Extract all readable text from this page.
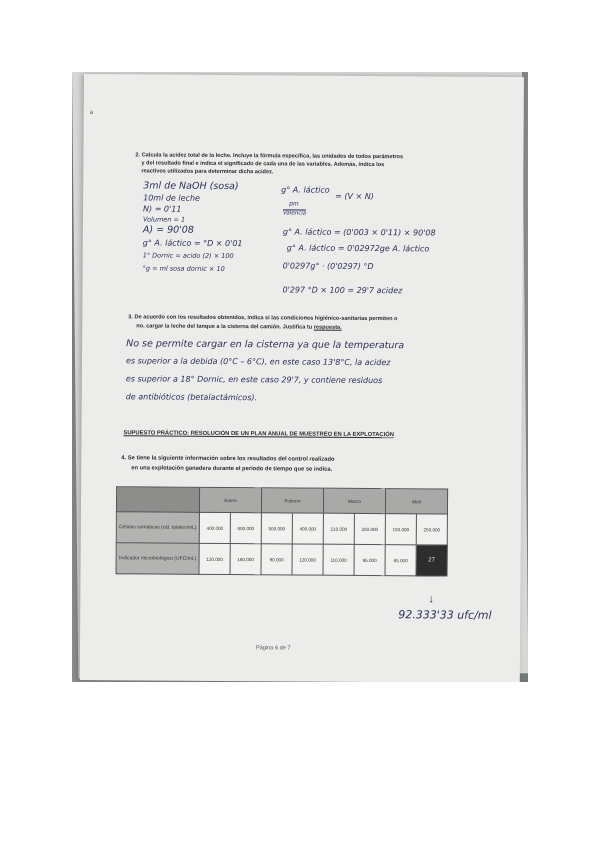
a
2. Calcula la acidez total de la leche. Incluye la fórmula específica, las unidades de todos parámetros
y del resultado final e indica el significado de cada una de las variables. Además, indica los
reactivos utilizados para determinar dicha acidez.
3ml de NaOH (sosa)
10ml de leche
N) = 0'11
Volumen = 1
A) = 90'08
g° A. láctico = °D × 0'01
1° Dornic = acido (2) × 100
°g = ml sosa dornic × 10
g° A. láctico
= (V × N)
pm
Valencia
g° A. láctico = (0'003 × 0'11) × 90'08
g° A. láctico = 0'02972ge A. láctico
0'0297g° · (0'0297) °D
0'297 °D × 100 = 29'7 acidez
3. De acuerdo con los resultados obtenidos, indica si las condiciones higiénico-sanitarias permiten o
no, cargar la leche del tanque a la cisterna del camión. Justifica tu respuesta.
No se permite cargar en la cisterna ya que la temperatura
es superior a la debida (0°C – 6°C), en este caso 13'8°C, la acidez
es superior a 18° Dornic, en este caso 29'7, y contiene residuos
de antibióticos (betalactámicos).
SUPUESTO PRÁCTICO: RESOLUCIÓN DE UN PLAN ANUAL DE MUESTREO EN LA EXPLOTACIÓN
4. Se tiene la siguiente información sobre los resultados del control realizado
en una explotación ganadera durante el periodo de tiempo que se indica.
	Enero		Febrero		Marzo		Abril	
Células somáticas (cél. totales/mL)	400.000	600.000	500.000	400.000	210.000	200.000	150.000	250.000
Indicador microbiológico (UFC/mL)	120.000	160.000	90.000	120.000	110.000	95.000	65.000	27
↓
92.333'33 ufc/ml
Página 6 de 7
